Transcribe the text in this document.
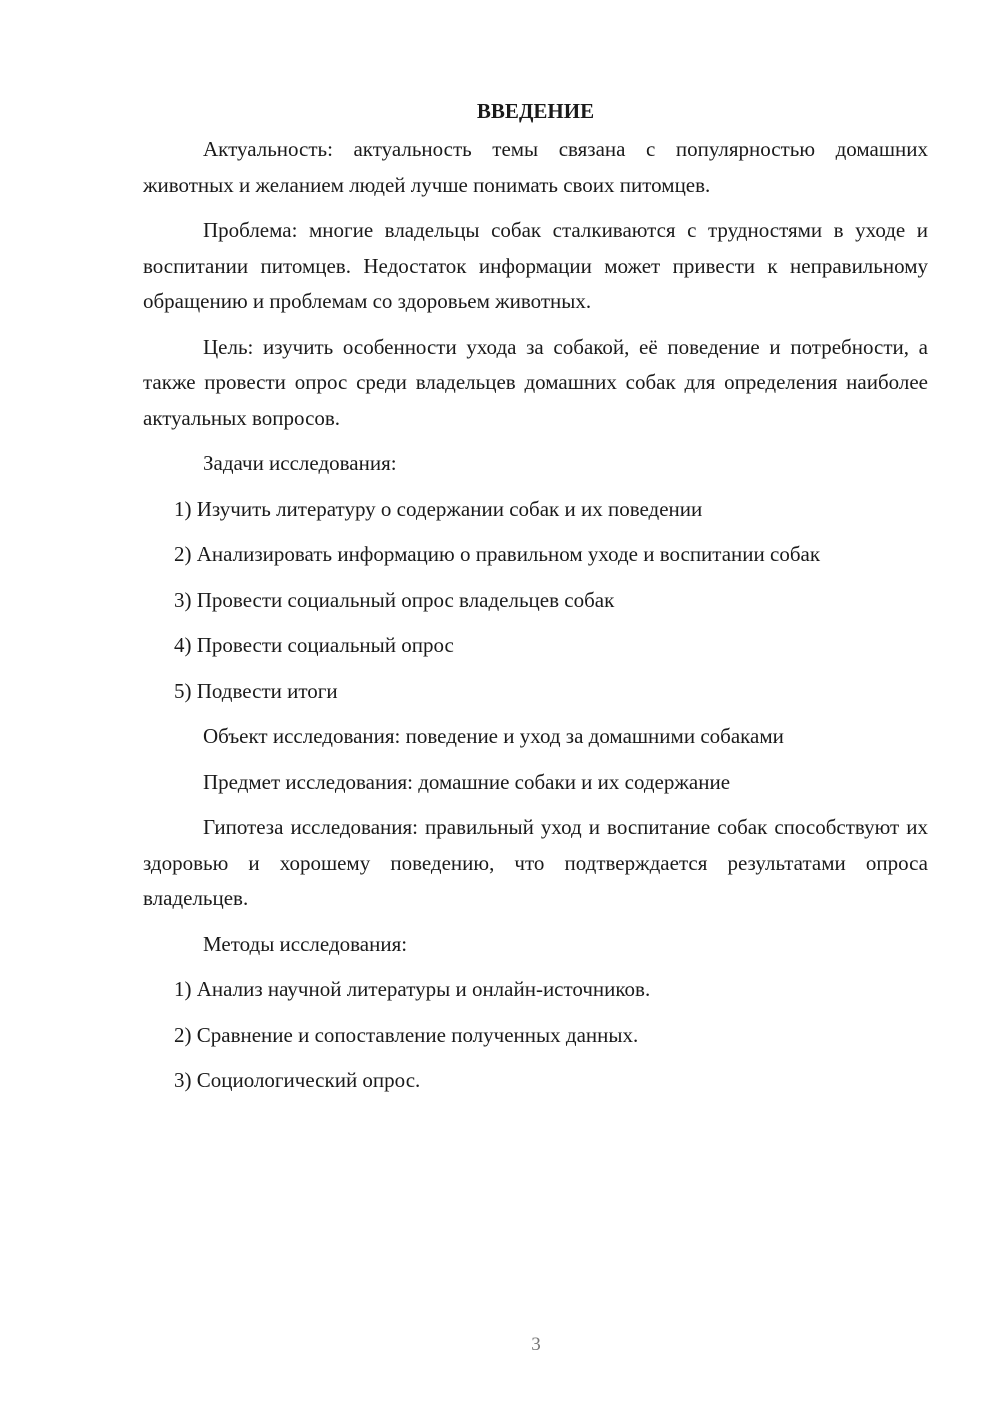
ВВЕДЕНИЕ

Актуальность: актуальность темы связана с популярностью домашних животных и желанием людей лучше понимать своих питомцев.

Проблема: многие владельцы собак сталкиваются с трудностями в уходе и воспитании питомцев. Недостаток информации может привести к неправильному обращению и проблемам со здоровьем животных.

Цель: изучить особенности ухода за собакой, её поведение и потребности, а также провести опрос среди владельцев домашних собак для определения наиболее актуальных вопросов.

Задачи исследования:

1) Изучить литературу о содержании собак и их поведении

2) Анализировать информацию о правильном уходе и воспитании собак

3) Провести социальный опрос владельцев собак

4) Провести социальный опрос

5) Подвести итоги

Объект исследования: поведение и уход за домашними собаками

Предмет исследования: домашние собаки и их содержание

Гипотеза исследования: правильный уход и воспитание собак способствуют их здоровью и хорошему поведению, что подтверждается результатами опроса владельцев.

Методы исследования:

1) Анализ научной литературы и онлайн-источников.

2) Сравнение и сопоставление полученных данных.

3) Социологический опрос.

3
